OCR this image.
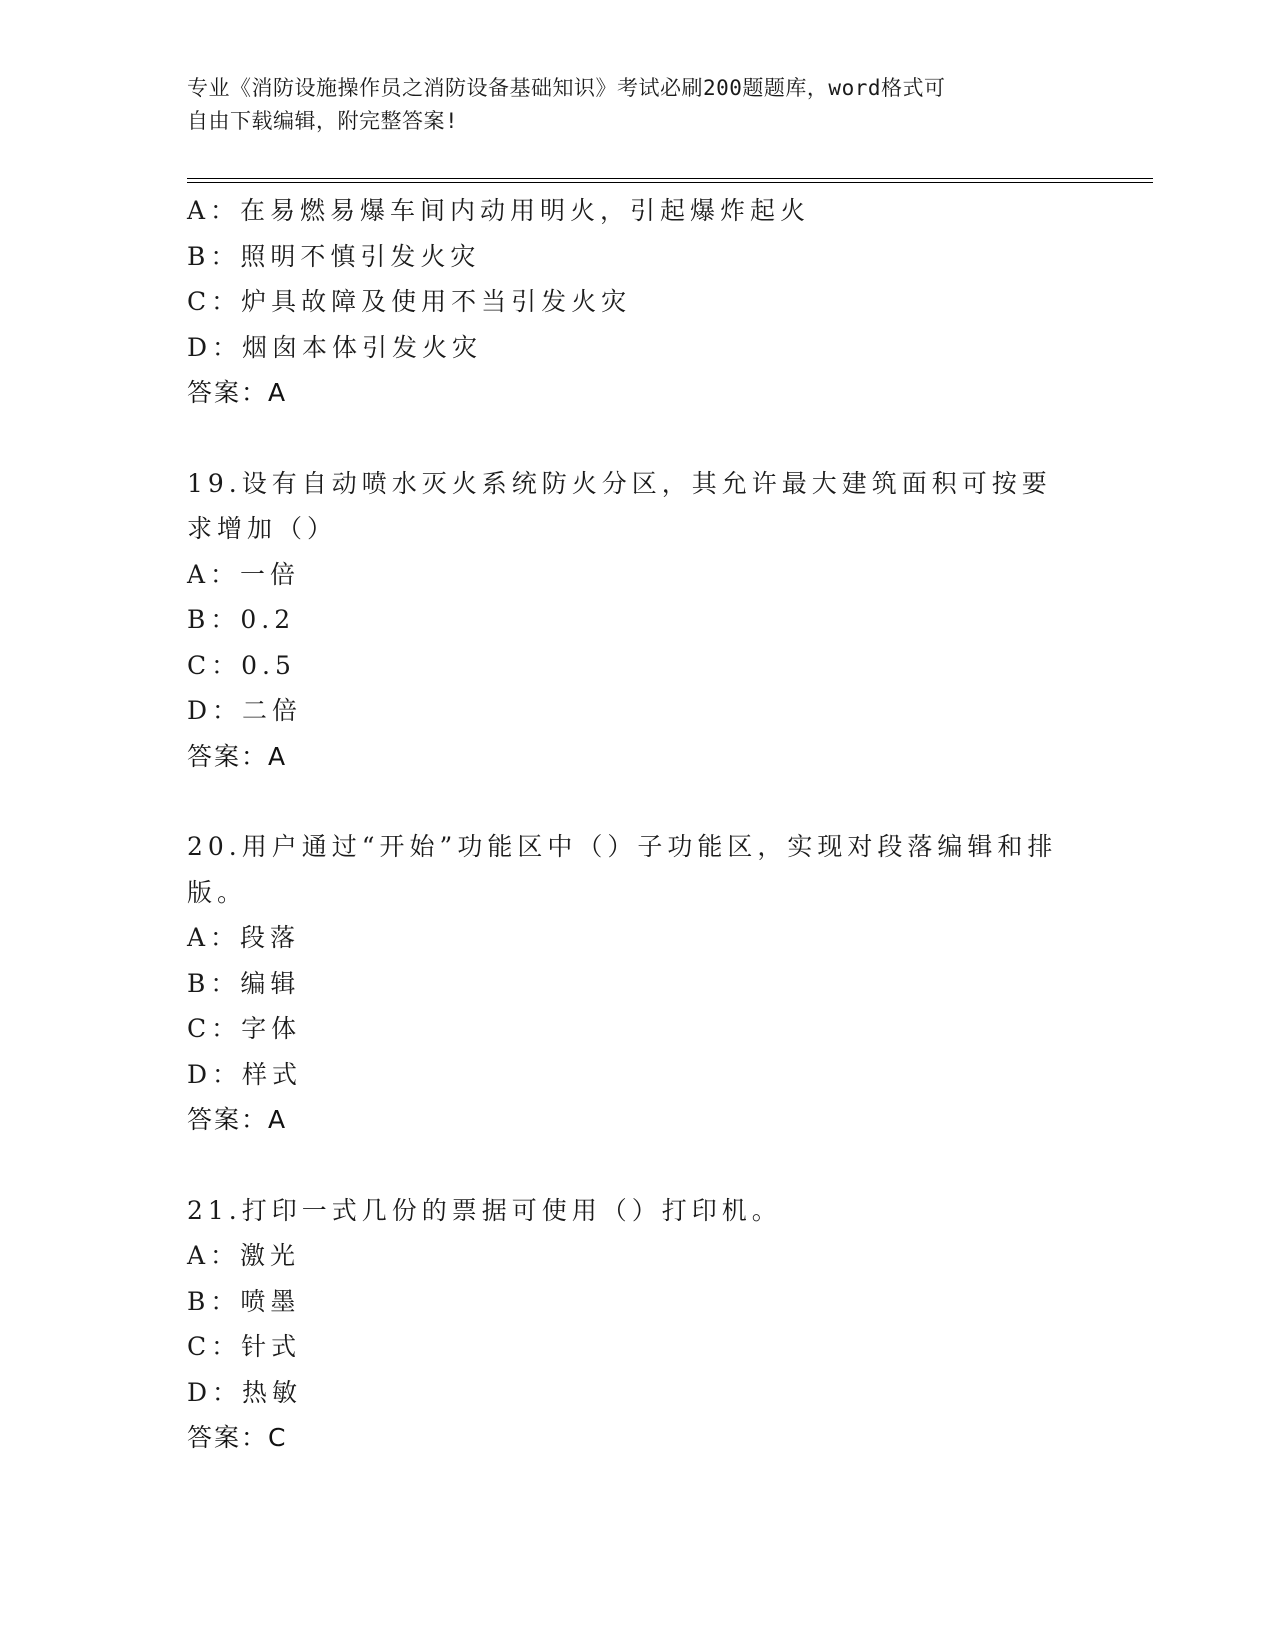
专业《消防设施操作员之消防设备基础知识》考试必刷200题题库，word格式可
自由下载编辑，附完整答案!
A：在易燃易爆车间内动用明火，引起爆炸起火
B：照明不慎引发火灾
C：炉具故障及使用不当引发火灾
D：烟囱本体引发火灾
答案：A
19.设有自动喷水灭火系统防火分区，其允许最大建筑面积可按要求增加（）
A：一倍
B：0.2
C：0.5
D：二倍
答案：A
20.用户通过“开始”功能区中（）子功能区，实现对段落编辑和排版。
A：段落
B：编辑
C：字体
D：样式
答案：A
21.打印一式几份的票据可使用（）打印机。
A：激光
B：喷墨
C：针式
D：热敏
答案：C
